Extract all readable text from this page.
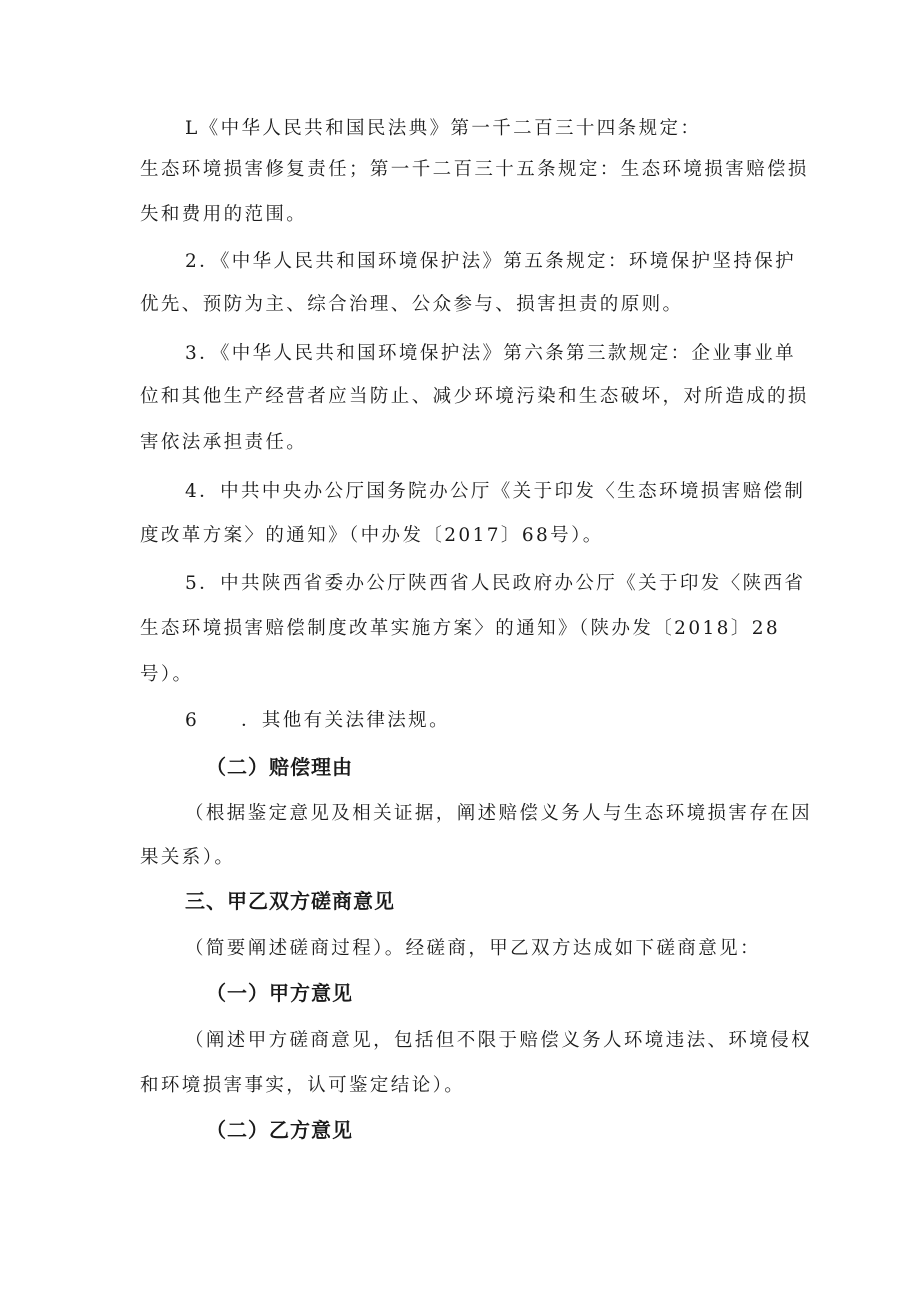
L《中华人民共和国民法典》第一千二百三十四条规定：
生态环境损害修复责任；第一千二百三十五条规定：生态环境损害赔偿损
失和费用的范围。
2．《中华人民共和国环境保护法》第五条规定：环境保护坚持保护
优先、预防为主、综合治理、公众参与、损害担责的原则。
3．《中华人民共和国环境保护法》第六条第三款规定：企业事业单
位和其他生产经营者应当防止、减少环境污染和生态破坏，对所造成的损
害依法承担责任。
4．中共中央办公厅国务院办公厅《关于印发〈生态环境损害赔偿制
度改革方案〉的通知》（中办发〔2017〕68号）。
5．中共陕西省委办公厅陕西省人民政府办公厅《关于印发〈陕西省
生态环境损害赔偿制度改革实施方案〉的通知》（陕办发〔2018〕28
号）。
6　　．其他有关法律法规。
（二）赔偿理由
（根据鉴定意见及相关证据，阐述赔偿义务人与生态环境损害存在因
果关系）。
三、甲乙双方磋商意见
（简要阐述磋商过程）。经磋商，甲乙双方达成如下磋商意见：
（一）甲方意见
（阐述甲方磋商意见，包括但不限于赔偿义务人环境违法、环境侵权
和环境损害事实，认可鉴定结论）。
（二）乙方意见
